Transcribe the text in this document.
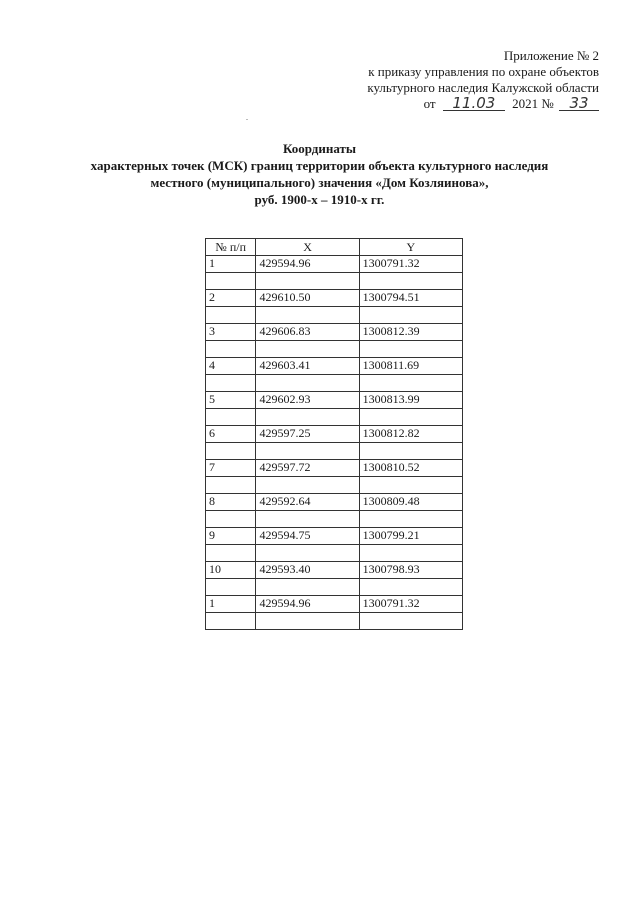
Приложение № 2
к приказу управления по охране объектов
культурного наследия Калужской области
от 11.03 2021 № 33
Координаты
характерных точек (МСК) границ территории объекта культурного наследия
местного (муниципального) значения «Дом Козляинова»,
руб. 1900-х – 1910-х гг.
№ п/п	X	Y
1	429594.96	1300791.32

2	429610.50	1300794.51

3	429606.83	1300812.39

4	429603.41	1300811.69

5	429602.93	1300813.99

6	429597.25	1300812.82

7	429597.72	1300810.52

8	429592.64	1300809.48

9	429594.75	1300799.21

10	429593.40	1300798.93

1	429594.96	1300791.32
